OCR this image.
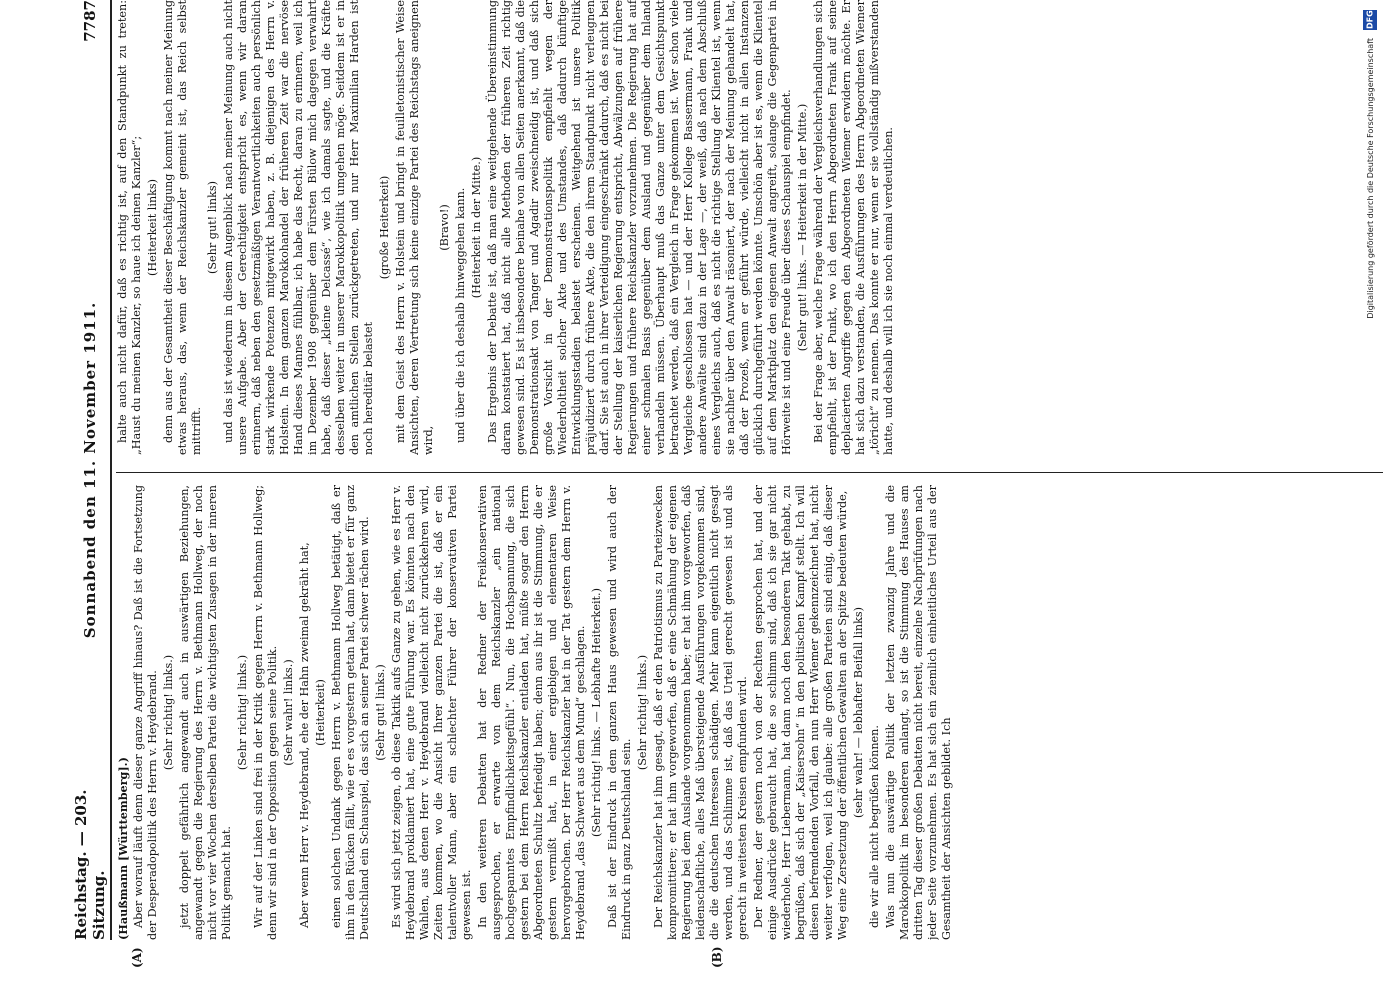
Reichstag. — 203. Sitzung.
Sonnabend den 11. November 1911.
7787

(Haußmann [Württemberg].) Aber worauf läuft denn dieser ganze Angriff hinaus? Daß ist die Fortsetzung der Desperadopolitik des Herrn v. Heydebrand. (Sehr richtig! links.) jetzt doppelt gefährlich angewandt auch in auswärtigen Beziehungen, angewandt gegen die Regierung des Herrn v. Bethmann Hollweg, der noch nicht vor vier Wochen derselben Partei die wichtigsten Zusagen in der inneren Politik gemacht hat.

(Sehr richtig! links.) Wir auf der Linken sind frei in der Kritik gegen Herrn v. Bethmann Hollweg; denn wir sind in der Opposition gegen seine Politik. (Sehr wahr! links.) Aber wenn Herr v. Heydebrand, ehe der Hahn zweimal gekräht hat, (Heiterkeit) einen solchen Undank gegen Herrn v. Bethmann Hollweg betätigt, daß er ihm in den Rücken fällt, wie er es vorgestern getan hat, dann bietet er für ganz Deutschland ein Schauspiel, das sich an seiner Partei schwer rächen wird. (Sehr gut! links.) Es wird sich jetzt zeigen, ob diese Taktik aufs Ganze zu gehen, wie es Herr v. Heydebrand proklamiert hat, eine gute Führung war. Es könnten nach den Wahlen, aus denen Herr v. Heydebrand vielleicht nicht zurückkehren wird, Zeiten kommen, wo die Ansicht Ihrer ganzen Partei die ist, daß er ein talentvoller Mann, aber ein schlechter Führer der konservativen Partei gewesen ist. In den weiteren Debatten hat der Redner der Freikonservativen ausgesprochen, er erwarte von dem Reichskanzler „ein national hochgespanntes Empfindlichkeitsgefühl“. Nun, die Hochspannung, die sich gestern bei dem Herrn Reichskanzler entladen hat, müßte sogar den Herrn Abgeordneten Schultz befriedigt haben; denn aus ihr ist die Stimmung, die er gestern vermißt hat, in einer ergiebigen und elementaren Weise hervorgebrochen. Der Herr Reichskanzler hat in der Tat gestern dem Herrn v. Heydebrand „das Schwert aus dem Mund“ geschlagen. (Sehr richtig! links. — Lebhafte Heiterkeit.) Daß ist der Eindruck in dem ganzen Haus gewesen und wird auch der Eindruck in ganz Deutschland sein.

(Sehr richtig! links.) Der Reichskanzler hat ihm gesagt, daß er den Patriotismus zu Parteizwecken kompromittiere; er hat ihm vorgeworfen, daß er eine Schmähung der eigenen Regierung bei dem Auslande vorgenommen habe; er hat ihm vorgeworfen, daß leidenschaftliche, alles Maß übersteigende Ausführungen vorgekommen sind, die die deutschen Interessen schädigen. Mehr kann eigentlich nicht gesagt werden, und das Schlimme ist, daß das Urteil gerecht gewesen ist und als gerecht in weitesten Kreisen empfunden wird. Der Redner, der gestern noch von der Rechten gesprochen hat, und der einige Ausdrücke gebraucht hat, die so schlimm sind, daß ich sie gar nicht wiederhole, Herr Liebermann, hat dann noch den besonderen Takt gehabt, zu begrüßen, daß sich der „Kaisersohn“ in den politischen Kampf stellt. Ich will diesen befremdenden Vorfall, den nun Herr Wiemer gekennzeichnet hat, nicht weiter verfolgen, weil ich glaube: alle großen Parteien sind einig, daß dieser Weg eine Zersetzung der öffentlichen Gewalten an der Spitze bedeuten würde, (sehr wahr! — lebhafter Beifall links)

die wir alle nicht begrüßen können. Was nun die auswärtige Politik der letzten zwanzig Jahre und die Marokkopolitik im besonderen anlangt, so ist die Stimmung des Hauses am dritten Tag dieser großen Debatten nicht bereit, einzelne Nachprüfungen nach jeder Seite vorzunehmen. Es hat sich ein ziemlich einheitliches Urteil aus der Gesamtheit der Ansichten gebildet. Ich

halte auch nicht dafür, daß es richtig ist, auf den Standpunkt zu treten: „Haust du meinen Kanzler, so haue ich deinen Kanzler“; (Heiterkeit links) denn aus der Gesamtheit dieser Beschäftigung kommt nach meiner Meinung etwas heraus, das, wenn der Reichskanzler gemeint ist, das Reich selbst mittrifft.

(Sehr gut! links) und das ist wiederum in diesem Augenblick nach meiner Meinung auch nicht unsere Aufgabe. Aber der Gerechtigkeit entspricht es, wenn wir daran erinnern, daß neben den gesetzmäßigen Verantwortlichkeiten auch persönlich stark wirkende Potenzen mitgewirkt haben, z. B. diejenigen des Herrn v. Holstein. In dem ganzen Marokkohandel der früheren Zeit war die nervöse Hand dieses Mannes fühlbar, ich habe das Recht, daran zu erinnern, weil ich im Dezember 1908 gegenüber dem Fürsten Bülow mich dagegen verwahrt habe, daß dieser „kleine Delcassé“, wie ich damals sagte, und die Kräfte desselben weiter in unserer Marokkopolitik umgehen möge. Seitdem ist er in den amtlichen Stellen zurückgetreten, und nur Herr Maximilian Harden ist noch hereditär belastet

(große Heiterkeit) mit dem Geist des Herrn v. Holstein und bringt in feuilletonistischer Weise Ansichten, deren Vertretung sich keine einzige Partei des Reichstags aneignen wird,

(Bravo!) und über die ich deshalb hinweggehen kann. (Heiterkeit in der Mitte.) Das Ergebnis der Debatte ist, daß man eine weitgehende Übereinstimmung daran konstatiert hat, daß nicht alle Methoden der früheren Zeit richtig gewesen sind. Es ist insbesondere beinahe von allen Seiten anerkannt, daß die Demonstrationsakt von Tanger und Agadir zweischneidig ist, und daß sich große Vorsicht in der Demonstrationspolitik empfiehlt wegen der Wiederholtheit solcher Akte und des Umstandes, daß dadurch künftige Entwicklungsstadien belastet erscheinen. Weitgehend ist unsere Politik präjudiziert durch frühere Akte, die den ihrem Standpunkt nicht verleugnen darf. Sie ist auch in ihrer Verteidigung eingeschränkt dadurch, daß es nicht bei der Stellung der kaiserlichen Regierung entspricht, Abwälzungen auf frühere Regierungen und frühere Reichskanzler vorzunehmen. Die Regierung hat auf einer schmalen Basis gegenüber dem Ausland und gegenüber dem Inland verhandeln müssen. Überhaupt muß das Ganze unter dem Gesichtspunkt betrachtet werden, daß ein Vergleich in Frage gekommen ist. Wer schon viele Vergleiche geschlossen hat — und der Herr Kollege Bassermann, Frank und andere Anwälte sind dazu in der Lage —, der weiß, daß nach dem Abschluß eines Vergleichs auch, daß es nicht die richtige Stellung der Klientel ist, wenn sie nachher über den Anwalt räsoniert, der nach der Meinung gehandelt hat, daß der Prozeß, wenn er geführt würde, vielleicht nicht in allen Instanzen glücklich durchgeführt werden könnte. Umschön aber ist es, wenn die Klientel auf dem Marktplatz den eigenen Anwalt angreift, solange die Gegenpartei in Hörweite ist und eine Freude über dieses Schauspiel empfindet. (Sehr gut! links. — Heiterkeit in der Mitte.) Bei der Frage aber, welche Frage während der Vergleichsverhandlungen sich empfiehlt, ist der Punkt, wo ich den Herrn Abgeordneten Frank auf seine deplacierten Angriffe gegen den Abgeordneten Wiemer erwidern möchte. Er hat sich dazu verstanden, die Ausführungen des Herrn Abgeordneten Wiemer „töricht“ zu nennen. Das konnte er nur, wenn er sie vollständig mißverstanden hatte, und deshalb will ich sie noch einmal verdeutlichen.

(A)	(B)
DFG
Digitalisierung gefördert durch die Deutsche Forschungsgemeinschaft
